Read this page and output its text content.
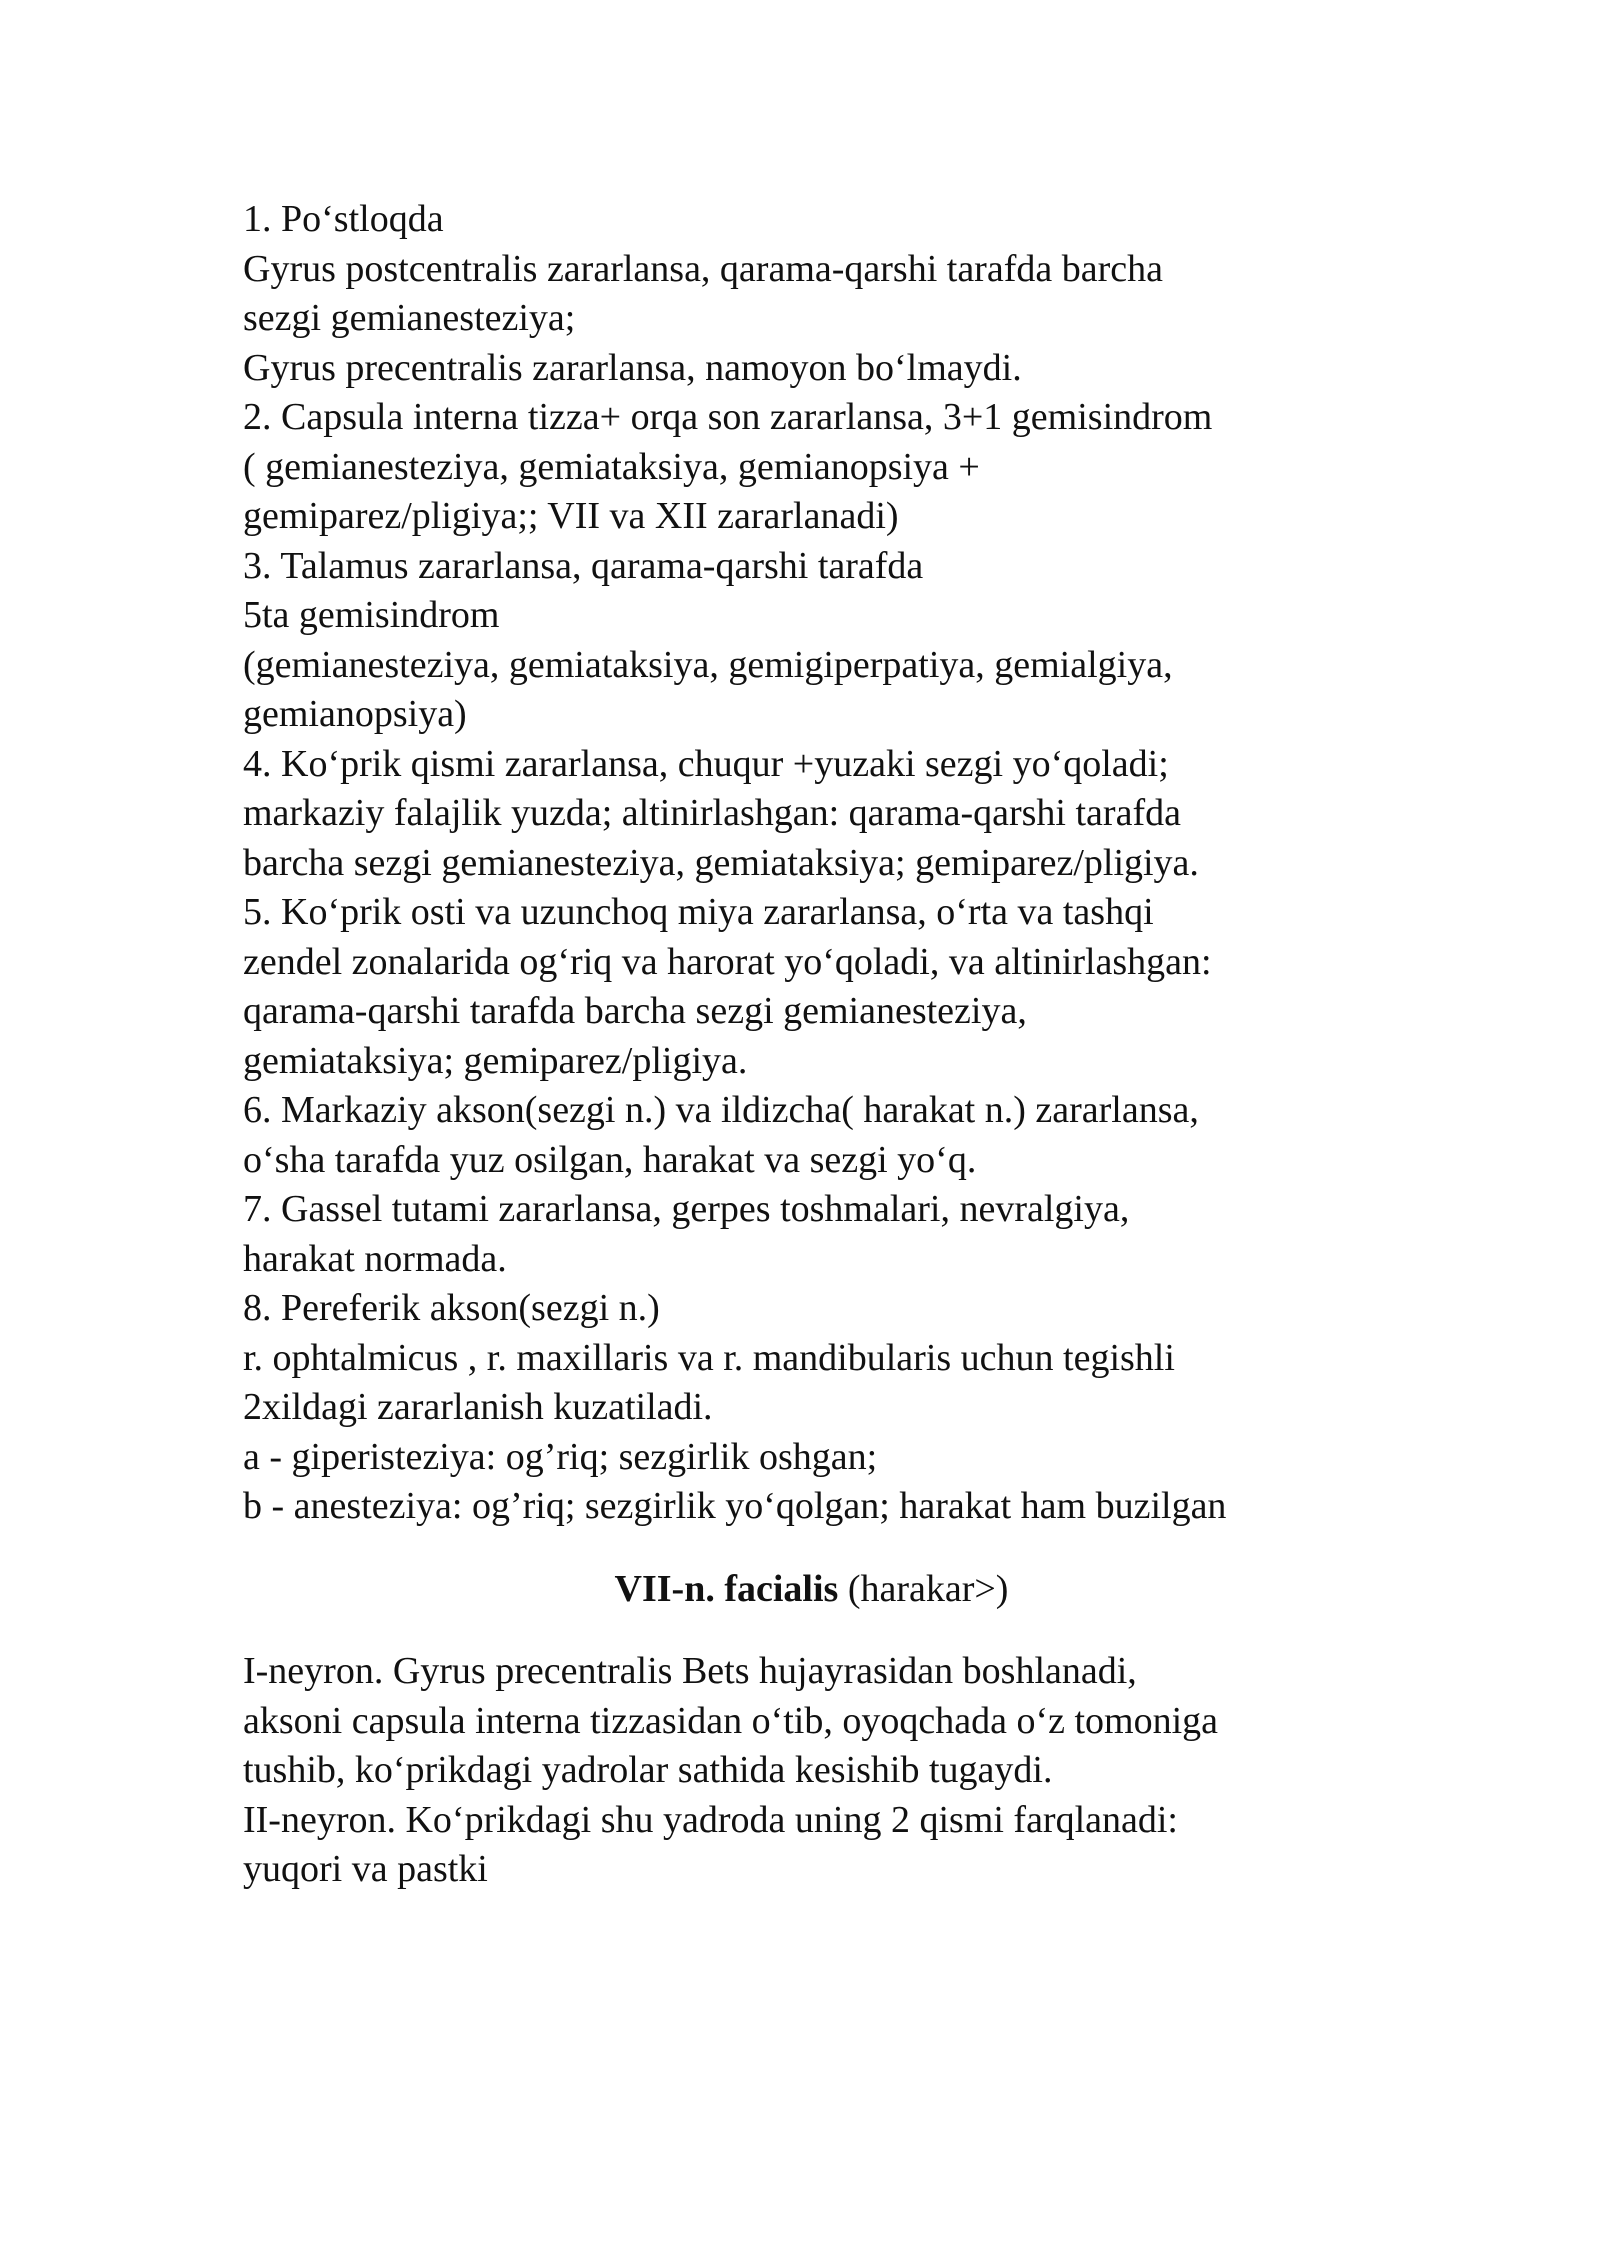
1. Po‘stloqda
Gyrus postcentralis zararlansa, qarama-qarshi tarafda barcha
sezgi gemianesteziya;
Gyrus precentralis zararlansa, namoyon bo‘lmaydi.
2. Capsula interna tizza+ orqa son zararlansa, 3+1 gemisindrom
( gemianesteziya, gemiataksiya, gemianopsiya +
gemiparez/pligiya;; VII va XII zararlanadi)
3. Talamus zararlansa, qarama-qarshi tarafda
5ta gemisindrom
(gemianesteziya, gemiataksiya, gemigiperpatiya, gemialgiya,
gemianopsiya)
4. Ko‘prik qismi zararlansa, chuqur +yuzaki sezgi yo‘qoladi;
markaziy falajlik yuzda; altinirlashgan: qarama-qarshi tarafda
barcha sezgi gemianesteziya, gemiataksiya; gemiparez/pligiya.
5. Ko‘prik osti va uzunchoq miya zararlansa, o‘rta va tashqi
zendel zonalarida og‘riq va harorat yo‘qoladi, va altinirlashgan:
qarama-qarshi tarafda barcha sezgi gemianesteziya,
gemiataksiya; gemiparez/pligiya.
6. Markaziy akson(sezgi n.) va ildizcha( harakat n.) zararlansa,
o‘sha tarafda yuz osilgan, harakat va sezgi yo‘q.
7. Gassel tutami zararlansa, gerpes toshmalari, nevralgiya,
harakat normada.
8. Pereferik akson(sezgi n.)
r. ophtalmicus , r. maxillaris va r. mandibularis uchun tegishli
2xildagi zararlanish kuzatiladi.
a - giperisteziya: og’riq; sezgirlik oshgan;
b - anesteziya: og’riq; sezgirlik yo‘qolgan; harakat ham buzilgan
VII-n. facialis (harakar>)
I-neyron. Gyrus precentralis Bets hujayrasidan boshlanadi,
aksoni capsula interna tizzasidan o‘tib, oyoqchada o‘z tomoniga
tushib, ko‘prikdagi yadrolar sathida kesishib tugaydi.
II-neyron. Ko‘prikdagi shu yadroda uning 2 qismi farqlanadi:
yuqori va pastki
